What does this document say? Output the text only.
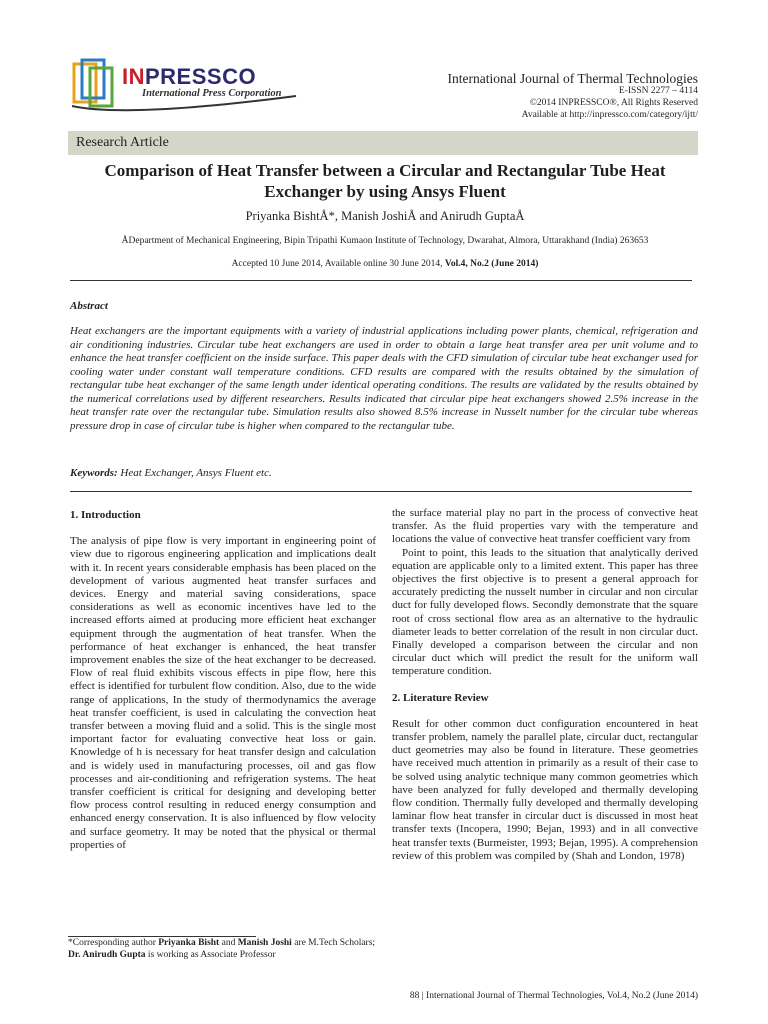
INPRESSCO
International Press Corporation
International Journal of Thermal Technologies
E-ISSN 2277 – 4114
©2014 INPRESSCO®, All Rights Reserved
Available at http://inpressco.com/category/ijtt/
Research Article
Comparison of Heat Transfer between a Circular and Rectangular Tube Heat Exchanger by using Ansys Fluent
Priyanka BishtÅ*, Manish JoshiÅ and Anirudh GuptaÅ
ÅDepartment of Mechanical Engineering, Bipin Tripathi Kumaon Institute of Technology, Dwarahat, Almora, Uttarakhand (India) 263653
Accepted 10 June 2014, Available online 30 June 2014, Vol.4, No.2 (June 2014)
Abstract
Heat exchangers are the important equipments with a variety of industrial applications including power plants, chemical, refrigeration and air conditioning industries. Circular tube heat exchangers are used in order to obtain a large heat transfer area per unit volume and to enhance the heat transfer coefficient on the inside surface. This paper deals with the CFD simulation of circular tube heat exchanger used for cooling water under constant wall temperature conditions. CFD results are compared with the results obtained by the simulation of rectangular tube heat exchanger of the same length under identical operating conditions. The results are validated by the results obtained by the numerical correlations used by different researchers. Results indicated that circular pipe heat exchangers showed 2.5% increase in the heat transfer rate over the rectangular tube. Simulation results also showed 8.5% increase in Nusselt number for the circular tube whereas pressure drop in case of circular tube is higher when compared to the rectangular tube.
Keywords: Heat Exchanger, Ansys Fluent etc.

1. Introduction

The analysis of pipe flow is very important in engineering point of view due to rigorous engineering application and implications dealt with it. In recent years considerable emphasis has been placed on the development of various augmented heat transfer surfaces and devices. Energy and material saving considerations, space considerations as well as economic incentives have led to the increased efforts aimed at producing more efficient heat exchanger equipment through the augmentation of heat transfer. When the performance of heat exchanger is enhanced, the heat transfer improvement enables the size of the heat exchanger to be decreased. Flow of real fluid exhibits viscous effects in pipe flow, here this effect is identified for turbulent flow condition. Also, due to the wide range of applications, In the study of thermodynamics the average heat transfer coefficient, is used in calculating the convection heat transfer between a moving fluid and a solid. This is the single most important factor for evaluating convective heat loss or gain. Knowledge of h is necessary for heat transfer design and calculation and is widely used in manufacturing processes, oil and gas flow processes and air-conditioning and refrigeration systems. The heat transfer coefficient is critical for designing and developing better flow process control resulting in reduced energy consumption and enhanced energy conservation. It is also influenced by flow velocity and surface geometry. It may be noted that the physical or thermal properties of

the surface material play no part in the process of convective heat transfer. As the fluid properties vary with the temperature and locations the value of convective heat transfer coefficient vary from

Point to point, this leads to the situation that analytically derived equation are applicable only to a limited extent. This paper has three objectives the first objective is to present a general approach for accurately predicting the nusselt number in circular and non circular duct for fully developed flows. Secondly demonstrate that the square root of cross sectional flow area as an alternative to the hydraulic diameter leads to better correlation of the result in non circular duct. Finally developed a comparison between the circular and non circular duct which will predict the result for the uniform wall temperature condition.

2. Literature Review

Result for other common duct configuration encountered in heat transfer problem, namely the parallel plate, circular duct, rectangular duct geometries may also be found in literature. These geometries have received much attention in primarily as a result of their case to be solved using analytic technique many common geometries which have been analyzed for fully developed and thermally developing flow condition. Thermally fully developed and thermally developing laminar flow heat transfer in circular duct is discussed in most heat transfer texts (Incopera, 1990; Bejan, 1993) and in all convective heat transfer texts (Burmeister, 1993; Bejan, 1995). A comprehension review of this problem was compiled by (Shah and London, 1978)

*Corresponding author Priyanka Bisht and Manish Joshi are M.Tech Scholars; Dr. Anirudh Gupta is working as Associate Professor
88 | International Journal of Thermal Technologies, Vol.4, No.2 (June 2014)
